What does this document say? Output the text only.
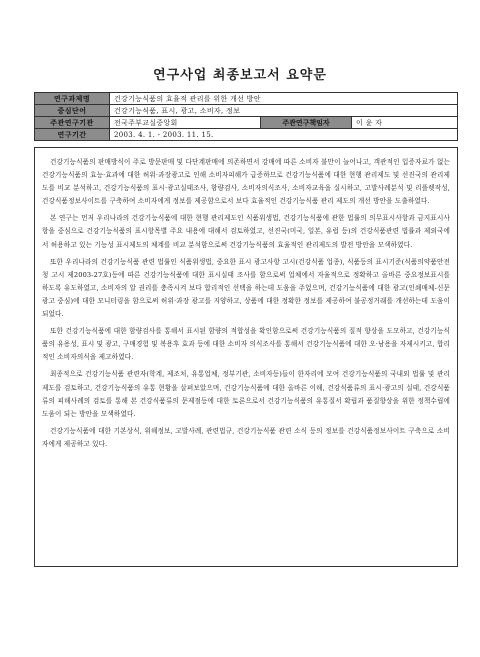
연구사업 최종보고서 요약문
연구과제명	건강기능식품의 효율적 관리를 위한 개선 방안		
중심단어	건강기능식품, 표시, 광고, 소비자, 정보		
주관연구기관	전국주부교실중앙회	주관연구책임자	이 윤 자
연구기간	2003. 4. 1. - 2003. 11. 15.		

건강기능식품의 판매방식이 주로 방문판매 및 다단계판매에 의존하면서 강매에 따른 소비자 불만이 늘어나고, 객관적인 입증자료가 없는 건강기능식품의 효능·효과에 대한 허위·과장광고로 인해 소비자피해가 급증하므로 건강기능식품에 대한 현행 관리제도 및 선진국의 관리제도를 비교 분석하고, 건강기능식품의 표시·광고실태조사, 함량검사, 소비자의식조사, 소비자교육을 실시하고, 고발사례분석 및 리플렛작성, 건강식품정보사이트를 구축하여 소비자에게 정보를 제공함으로서 보다 효율적인 건강기능식품 관리 제도의 개선 방안을 도출하였다.

본 연구는 먼저 우리나라의 건강기능식품에 대한 현행 관리제도인 식품위생법, 건강기능식품에 관한 법률의 의무표시사항과 금지표시사항을 중심으로 건강기능식품의 표시항목별 주요 내용에 대해서 검토하였고, 선진국(미국, 일본, 유럽 등)의 건강식품관련 법률과 제외국에서 허용하고 있는 기능성 표시제도의 체계를 비교 분석함으로써 건강기능식품의 효율적인 관리제도의 발전 방안을 모색하였다.

또한 우리나라의 건강기능식품 관련 법률인 식품위생법, 중요한 표시 광고사항 고시(건강식품 업종), 식품등의 표시기준(식품의약품안전청 고시 제2003-27호)등에 따른 건강기능식품에 대한 표시실태 조사를 함으로써 업체에서 자율적으로 정확하고 올바른 중요정보표시를 하도록 유도하였고, 소비자의 알 권리를 충족시켜 보다 합리적인 선택을 하는데 도움을 주었으며, 건강기능식품에 대한 광고(인쇄매체-신문광고 중심)에 대한 모니터링을 함으로써 허위·과장 광고를 지양하고, 상품에 대한 정확한 정보를 제공하여 불공정거래를 개선하는데 도움이 되었다.

또한 건강기능식품에 대한 함량검사를 통해서 표시된 함량의 적합성을 확인함으로써 건강기능식품의 질적 향상을 도모하고, 건강기능식품의 유용성, 표시 및 광고, 구매경험 및 복용후 효과 등에 대한 소비자 의식조사를 통해서 건강기능식품에 대한 오·남용을 자제시키고, 합리적인 소비자의식을 제고하였다.

최종적으로 건강기능식품 관련자(학계, 제조처, 유통업체, 정부기관, 소비자등)들이 한자리에 모여 건강기능식품의 국내외 법률 및 관리제도를 검토하고, 건강기능식품의 유통 현황을 살펴보았으며, 건강기능식품에 대한 올바른 이해, 건강식품류의 표시·광고의 실태, 건강식품류의 피해사례의 검토를 통해 본 건강식품류의 문제점등에 대한 토론으로서 건강기능식품의 유통질서 확립과 품질향상을 위한 정책수립에 도움이 되는 방안을 모색하였다.

건강기능식품에 대한 기본상식, 위해정보, 고발사례, 관련법규, 건강기능식품 관련 소식 등의 정보를 건강식품정보사이트 구축으로 소비자에게 제공하고 있다.
